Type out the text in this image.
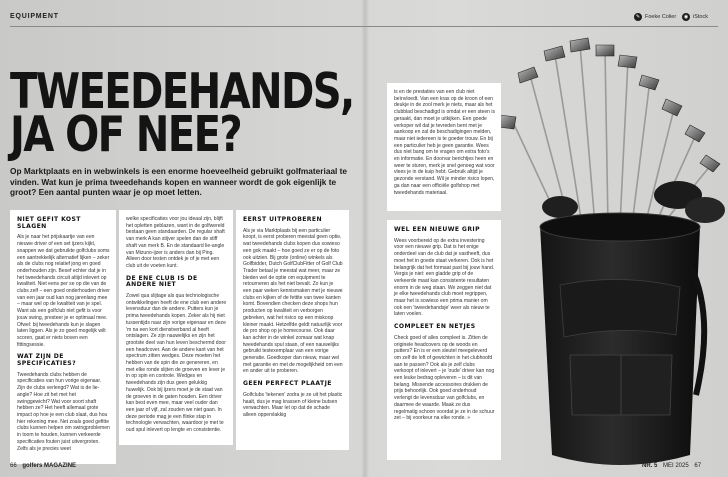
EQUIPMENT	✎ Foeke Colier	◉ iStock
TWEEDEHANDS,
JA OF NEE?

Op Marktplaats en in webwinkels is een enorme hoeveelheid gebruikt golfmateriaal te vinden. Wat kun je prima tweedehands kopen en wanneer wordt de gok eigenlijk te groot? Een aantal punten waar je op moet letten.

NIET GEFIT KOST SLAGEN

Als je naar het prijskaartje van een nieuwe driver of een set ijzers kijkt, snappen we dat gebruikte golfclubs soms een aantrekkelijk alternatief lijken – zeker als de clubs nog relatief jong en goed onderhouden zijn. Besef echter dat je in het tweedehands circuit altijd inlevert op kwaliteit. Niet eens per se op die van de clubs zelf – een goed onderhouden driver van een jaar oud kan nog jarenlang mee – maar wel op de kwaliteit van je spel. Want als een golfclub niet gefit is voor jouw swing, presteer je er optimaal mee. Ofwel: bij tweedehands kun je slagen laten liggen. Als je zo goed mogelijk wilt scoren, gaat er niets boven een fittingsessie.

WAT ZIJN DE SPECIFICATIES?

Tweedehands clubs hebben de specificaties van hun vorige eigenaar. Zijn de clubs verlengd? Wat is de lie-angle? Hoe zit het met het swinggewicht? Wat voor soort shaft hebben ze? Het heeft allemaal grote impact op hoe je een club slaat, dus hou hier rekening mee. Net zoals goed gefitte clubs kunnen helpen om swingproblemen in toom te houden, kunnen verkeerde specificaties fouten juist uitvergroten. Zelfs als je precies weet

welke specificaties voor jou ideaal zijn, blijft het opletten geblazen, want in de golfwereld bestaan geen standaarden. De regular shaft van merk A kan stijver spelen dan de stiff shaft van merk B. En de standaard lie-angle van Mizuno-ijzer is anders dan bij Ping. Alleen door testen ontdek je of je met een club uit de voeten kunt.

DE ENE CLUB IS DE ANDERE NIET

Zowel qua slijtage als qua technologische ontwikkelingen heeft de ene club een andere levensduur dan de andere. Putters kun je prima tweedehands kopen. Zeker als hij niet tussentijds naar zijn vorige eigenaar en deze 'm na een kort dienstverband al heeft ontslagen. Ze zijn nauwelijks en zijn het grootste deel van hun leven beschermd door een headcover. Aan de andere kant van het spectrum zitten wedges. Deze moeten het hebben van de spin die ze genereren, en met elke ronde slijten de groeven en lever je in op spin en controle. Wedges en tweedehands zijn dus geen gelukkig huwelijk. Ook bij ijzers moet je de staat van de groeven in de gaten houden. Een driver kan best even mee, maar veel ouder dan een jaar of vijf, zal zouden we niet gaan. In deze periode mag je een flinke stap in technologie verwachten, waardoor je met te oud spul inlevert op lengte en consistentie.

EERST UITPROBEREN

Als je via Marktplaats bij een particulier koopt, is eerst proberen meestal geen optie, wat tweedehands clubs kopen dus sowieso een gok maakt – hoe goed ze er op de foto ook uitzien. Bij grote (online) winkels als Golfbidder, Dutch GolfClubFitter of Golf Club Trader betaal je meestal wat meer, maar ze bieden wel de optie om equipment te retourneren als het niet bevalt. Zo kun je een paar weken kennismaken met je nieuwe clubs en kijken of de fettite van twee kanten komt. Bovendien checken deze shops hun producten op kwaliteit en verborgen gebreken, wat het risico op een miskoop kleiner maakt. Hetzelfde geldt natuurlijk voor de pro shop op je homecourse. Ook daar kan achter in de winkel zomaar wat knap tweedehands spul staan, of een nauwelijks gebruikt testexemplaar van een vorige generatie. Goedkoper dan nieuw, maar wel met garantie en met de mogelijkheid om een en ander uit te proberen.

GEEN PERFECT PLAATJE

Golfclubs 'tekenen' zodra je ze uit het plastic haalt, dus je mag krassen of kleine butsen verwachten. Maar let op dat de schade alleen oppervlakkig

is en de prestaties van een club niet beïnvloedt. Van een kras op de kroon of een deukje in de zool merk je niets, maar als het clubblad beschadigd is omdat er een steen is geraakt, dan moet je uitkijken. Een goede verkoper wil dat je tevreden bent met je aankoop en zal de beschadigingen melden, maar niet iedereen is te goeder trouw. En bij een particulier heb je geen garantie. Wees dus niet bang om te vragen om extra foto's en informatie. En doorvar berichtjes heen en weer te sturen, merk je snel genoeg wat voor vlees je in de kuip hebt. Gebruik altijd je gezonde verstand. Wil je minder risico lopen, ga dan naar een officiële golfshop met tweedehands materiaal.

WEL EEN NIEUWE GRIP

Wees voorbereid op de extra investering voor een nieuwe grip. Dat is het enige onderdeel van de club dat je vastheeft, dus moet het in goede staat verkeren. Ook is het belangrijk dat het formaat past bij jouw hand. Vergis je niet: een gladde grip of de verkeerde maat kan consistente resultaten enorm in de weg staan. We zeggen niet dat je elke tweedehands club moet regrippen, maar het is sowieso een prima manier om ook een 'tweedehandsje' weer als nieuw te laten voelen.

COMPLEET EN NETJES

Check goed of alles compleet is. Zitten de originele headcovers op de woods en putters? En is er een sleutel meegeleverd om zelf de loft of gewichten in het clubhoofd aan te passen? Ook als je zelf clubs verkoopt of inlevert – je 'oude' driver kan nog een leuke bedrag opleveren – is dit van belang. Missende accessoires drukken de prijs behoorlijk. Ook goed onderhoud verlengt de levensduur van golfclubs, en daarmee de waarde. Maak ze dus regelmatig schoon voordat je ze in de schuur zet – bij voorkeur na elke ronde. »

66 golfers MAGAZINE	NR. 5 MEI 2025 67
